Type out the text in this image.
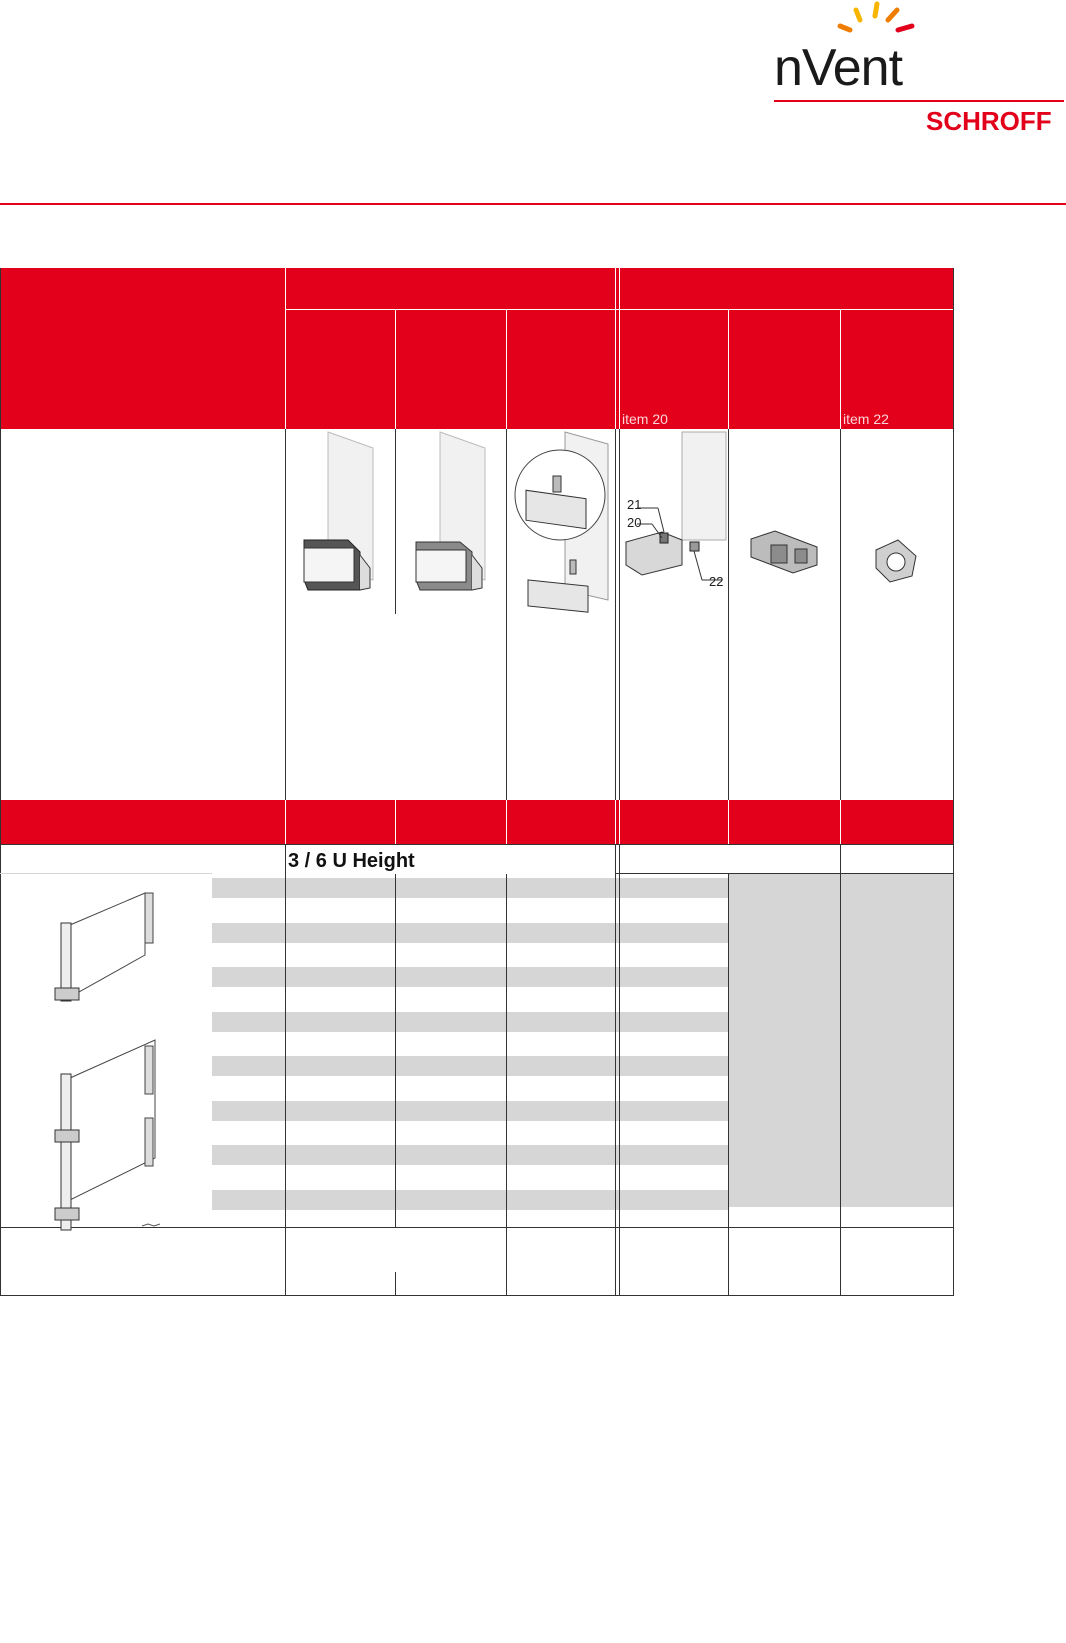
nVent
SCHROFF
item 20	item 22
3 / 6 U Height
21
20
22
